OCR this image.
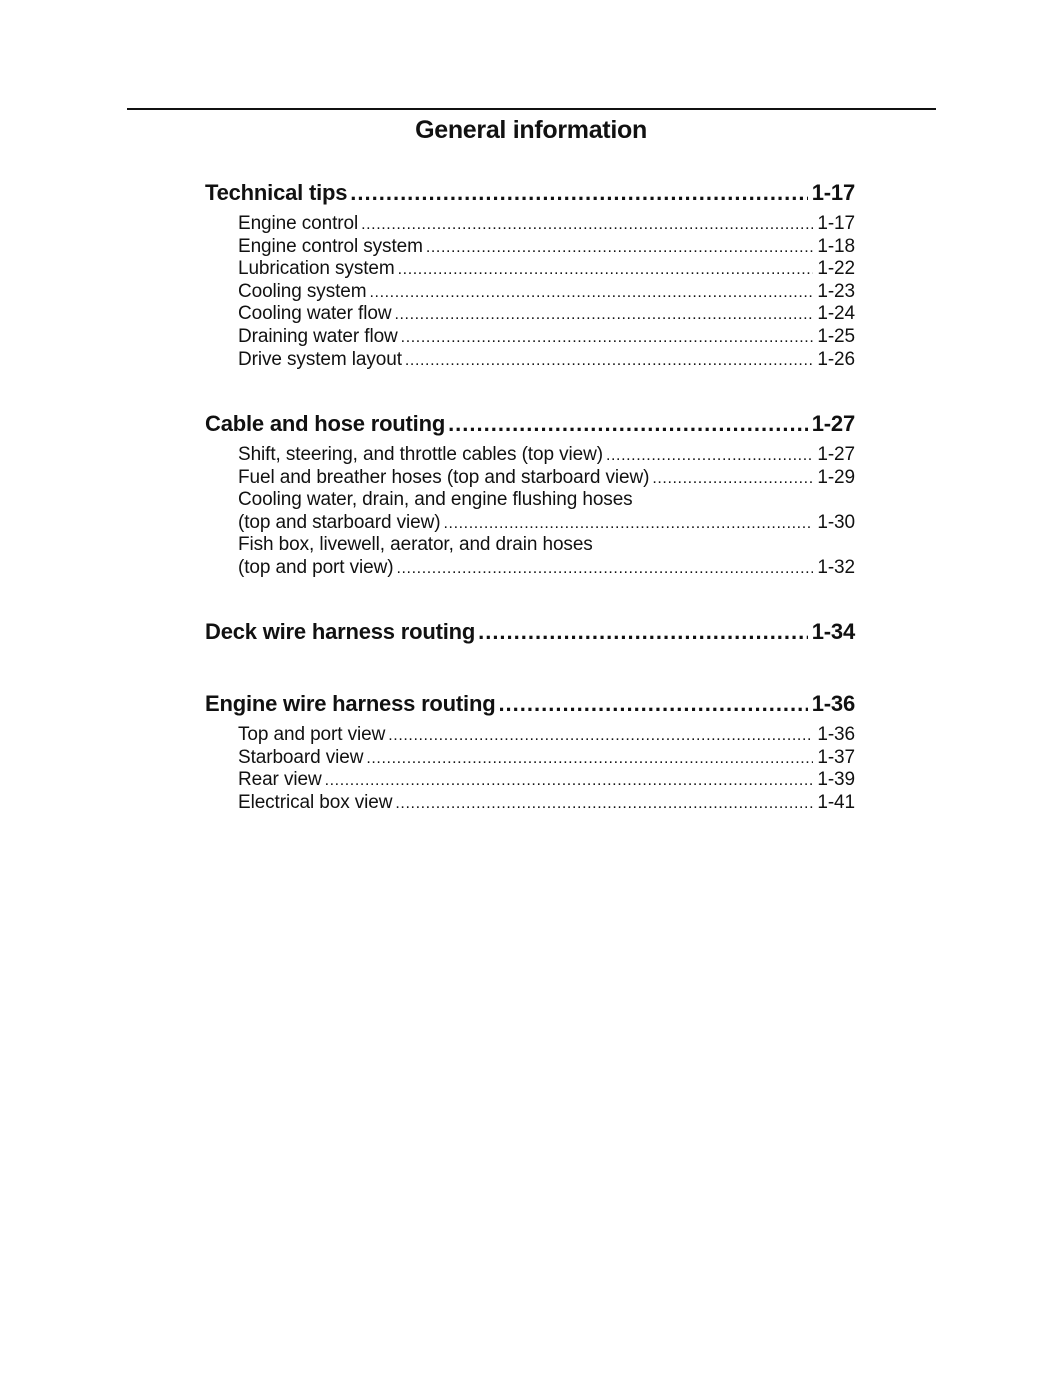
General information
Technical tips .....	1-17
Engine control .....	1-17
Engine control system .....	1-18
Lubrication system .....	1-22
Cooling system .....	1-23
Cooling water flow .....	1-24
Draining water flow .....	1-25
Drive system layout .....	1-26
Cable and hose routing .....	1-27
Shift, steering, and throttle cables (top view) .....	1-27
Fuel and breather hoses (top and starboard view) .....	1-29
Cooling water, drain, and engine flushing hoses
(top and starboard view) .....	1-30
Fish box, livewell, aerator, and drain hoses
(top and port view) .....	1-32
Deck wire harness routing .....	1-34
Engine wire harness routing .....	1-36
Top and port view .....	1-36
Starboard view .....	1-37
Rear view .....	1-39
Electrical box view .....	1-41
